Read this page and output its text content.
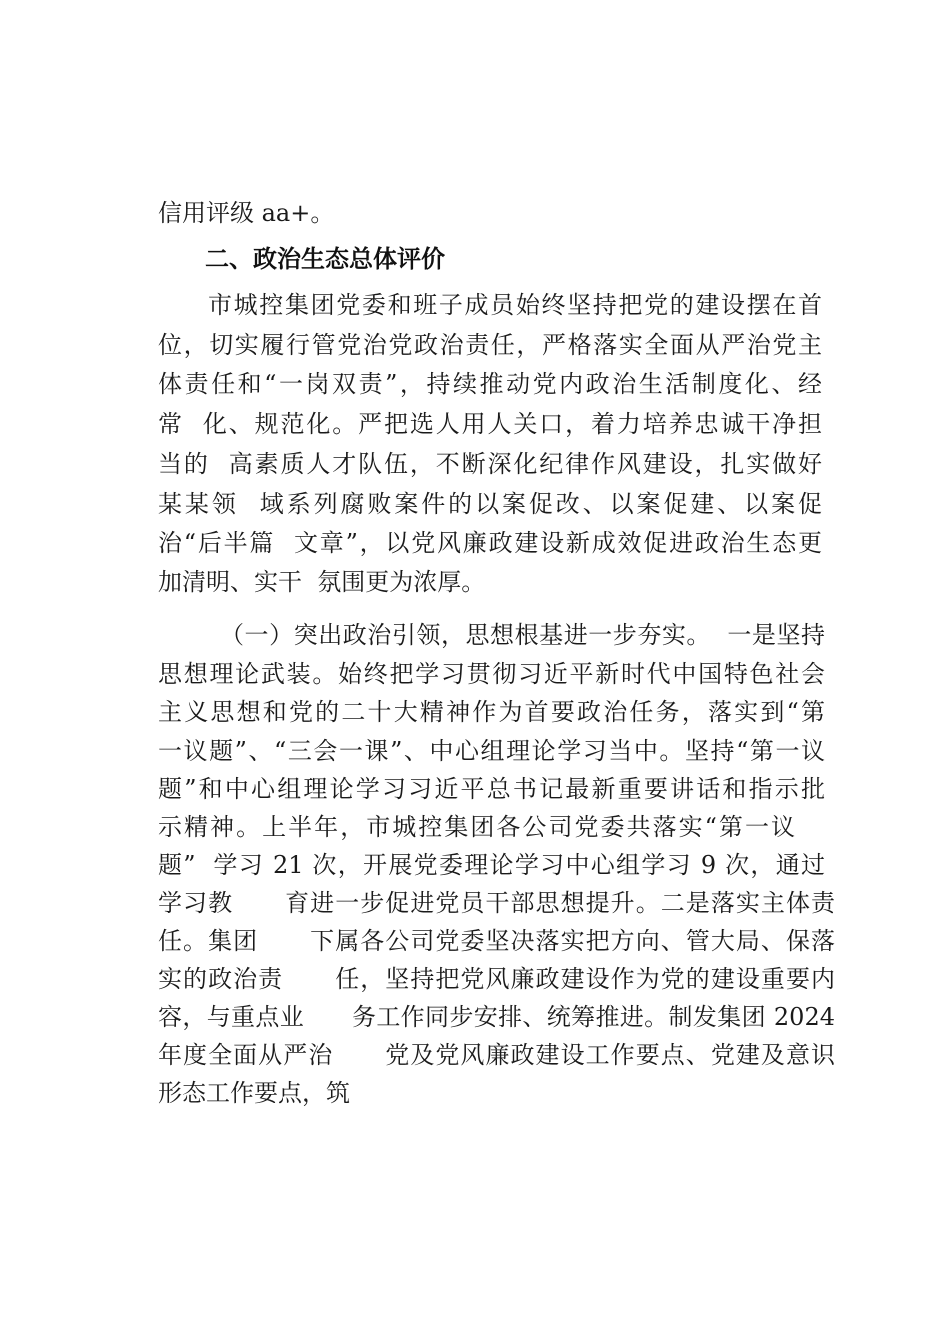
信用评级 aa+。
二、政治生态总体评价
市城控集团党委和班子成员始终坚持把党的建设摆在首
位，切实履行管党治党政治责任，严格落实全面从严治党主
体责任和“一岗双责”，持续推动党内政治生活制度化、经
常  化、规范化。严把选人用人关口，着力培养忠诚干净担
当的  高素质人才队伍，不断深化纪律作风建设，扎实做好
某某领  域系列腐败案件的以案促改、以案促建、以案促
治“后半篇  文章”，以党风廉政建设新成效促进政治生态更
加清明、实干  氛围更为浓厚。
（一）突出政治引领，思想根基进一步夯实。  一是坚持
思想理论武装。始终把学习贯彻习近平新时代中国特色社会
主义思想和党的二十大精神作为首要政治任务，落实到“第
一议题”、“三会一课”、中心组理论学习当中。坚持“第一议
题”和中心组理论学习习近平总书记最新重要讲话和指示批
示精神。上半年，市城控集团各公司党委共落实“第一议
题”  学习 21 次，开展党委理论学习中心组学习 9 次，通过
学习教      育进一步促进党员干部思想提升。二是落实主体责
任。集团      下属各公司党委坚决落实把方向、管大局、保落
实的政治责      任，坚持把党风廉政建设作为党的建设重要内
容，与重点业      务工作同步安排、统筹推进。制发集团 2024
年度全面从严治      党及党风廉政建设工作要点、党建及意识
形态工作要点，筑
